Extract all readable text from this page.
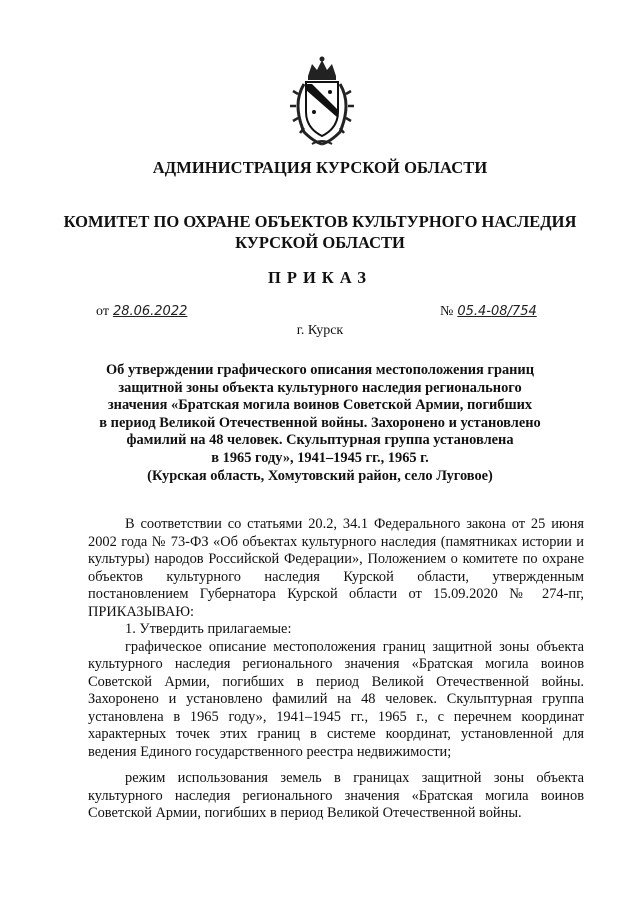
АДМИНИСТРАЦИЯ КУРСКОЙ ОБЛАСТИ
КОМИТЕТ ПО ОХРАНЕ ОБЪЕКТОВ КУЛЬТУРНОГО НАСЛЕДИЯ
КУРСКОЙ ОБЛАСТИ
ПРИКАЗ
от 28.06.2022	№ 05.4-08/754
г. Курск
Об утверждении графического описания местоположения границ
защитной зоны объекта культурного наследия регионального
значения «Братская могила воинов Советской Армии, погибших
в период Великой Отечественной войны. Захоронено и установлено
фамилий на 48 человек. Скульптурная группа установлена
в 1965 году», 1941–1945 гг., 1965 г.
(Курская область, Хомутовский район, село Луговое)

В соответствии со статьями 20.2, 34.1 Федерального закона от 25 июня 2002 года № 73-ФЗ «Об объектах культурного наследия (памятниках истории и культуры) народов Российской Федерации», Положением о комитете по охране объектов культурного наследия Курской области, утвержденным постановлением Губернатора Курской области от 15.09.2020 № 274-пг, ПРИКАЗЫВАЮ:

1. Утвердить прилагаемые:

графическое описание местоположения границ защитной зоны объекта культурного наследия регионального значения «Братская могила воинов Советской Армии, погибших в период Великой Отечественной войны. Захоронено и установлено фамилий на 48 человек. Скульптурная группа установлена в 1965 году», 1941–1945 гг., 1965 г., с перечнем координат характерных точек этих границ в системе координат, установленной для ведения Единого государственного реестра недвижимости;

режим использования земель в границах защитной зоны объекта культурного наследия регионального значения «Братская могила воинов Советской Армии, погибших в период Великой Отечественной войны.
